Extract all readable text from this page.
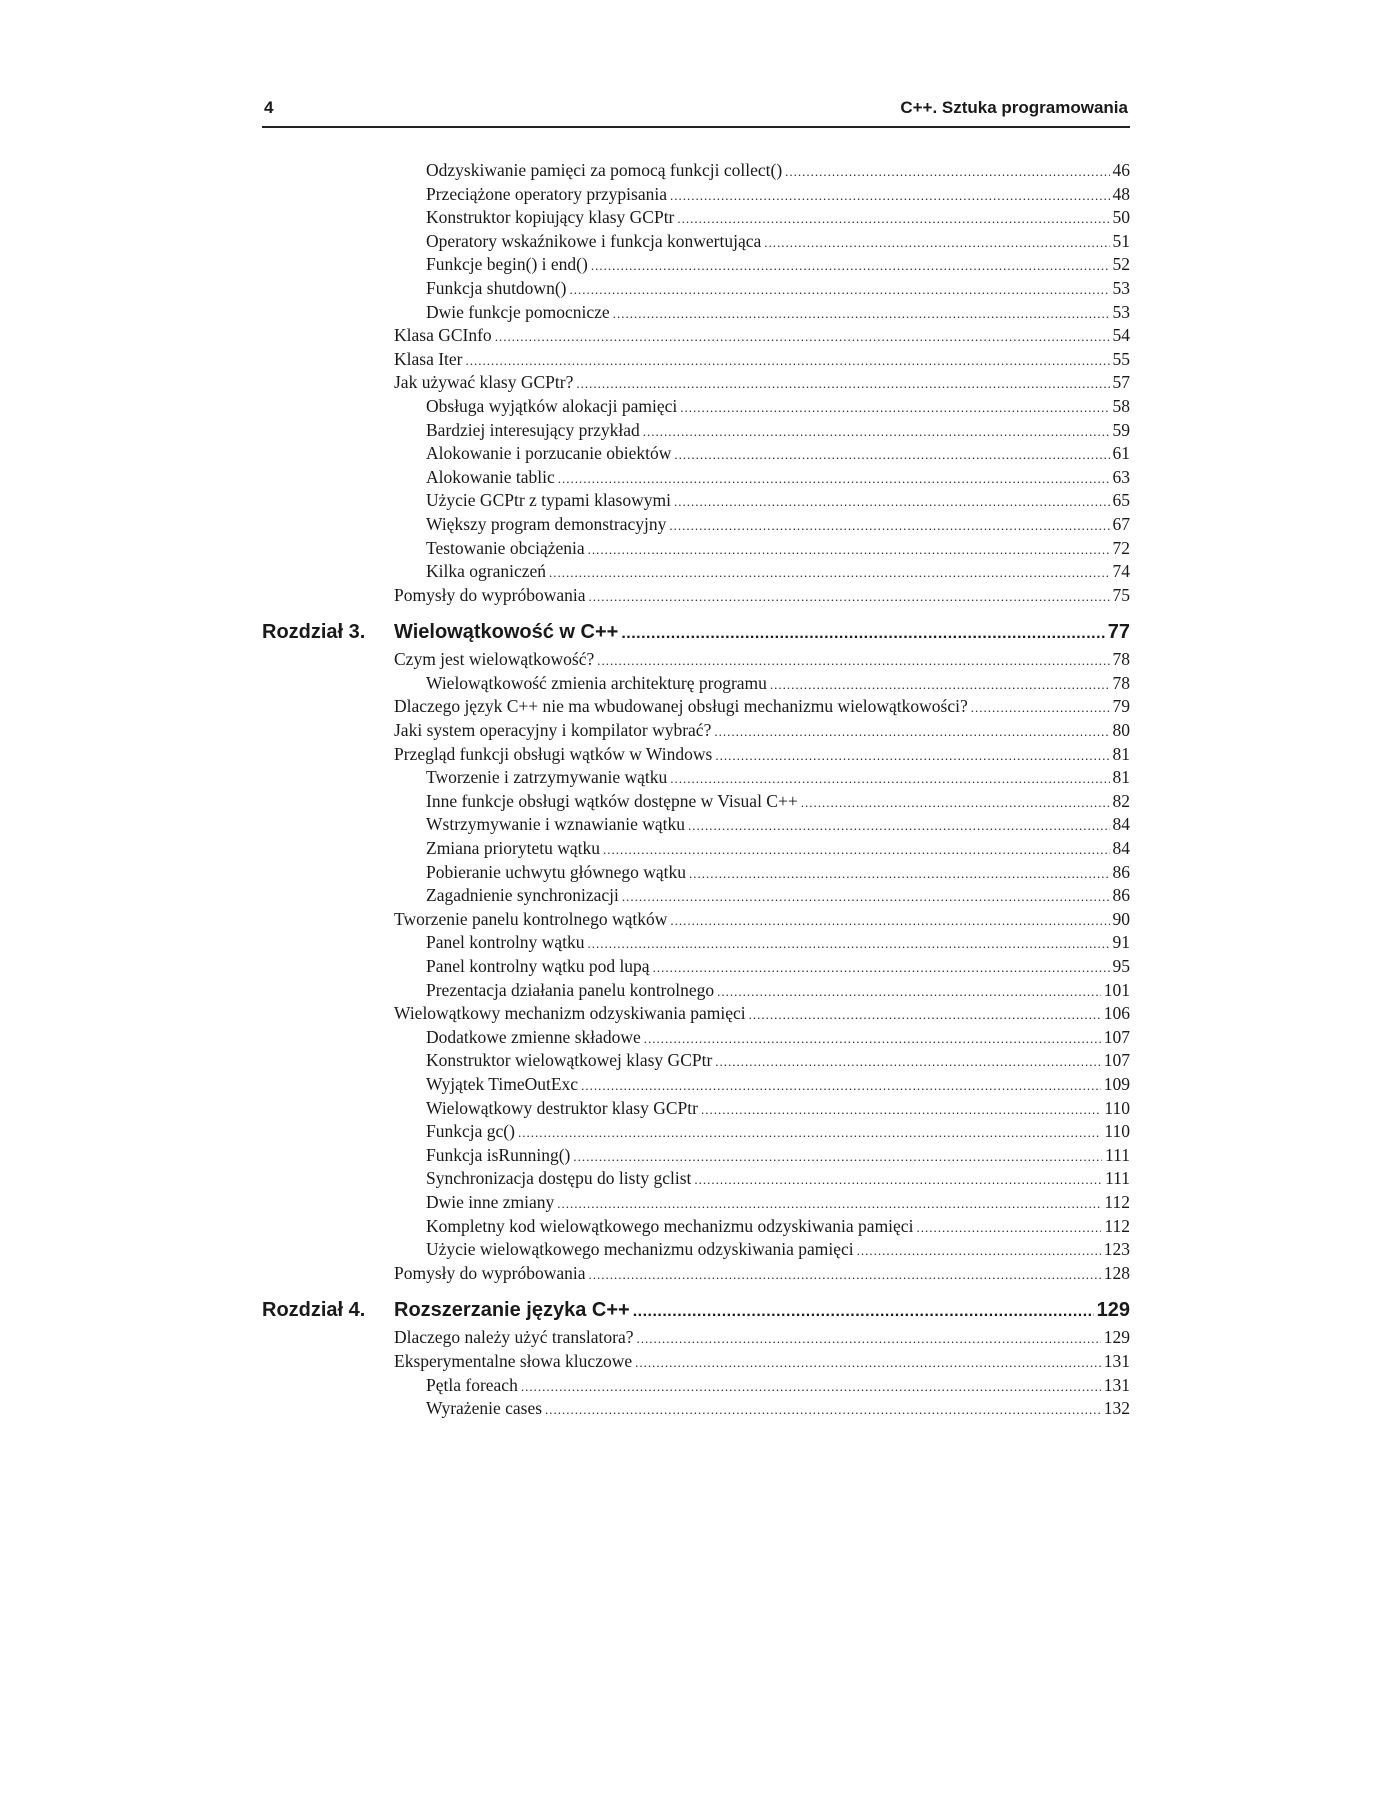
4	C++. Sztuka programowania
Odzyskiwanie pamięci za pomocą funkcji collect() .....	46
Przeciążone operatory przypisania .....	48
Konstruktor kopiujący klasy GCPtr .....	50
Operatory wskaźnikowe i funkcja konwertująca .....	51
Funkcje begin() i end() .....	52
Funkcja shutdown() .....	53
Dwie funkcje pomocnicze .....	53
Klasa GCInfo .....	54
Klasa Iter .....	55
Jak używać klasy GCPtr? .....	57
Obsługa wyjątków alokacji pamięci .....	58
Bardziej interesujący przykład .....	59
Alokowanie i porzucanie obiektów .....	61
Alokowanie tablic .....	63
Użycie GCPtr z typami klasowymi .....	65
Większy program demonstracyjny .....	67
Testowanie obciążenia .....	72
Kilka ograniczeń .....	74
Pomysły do wypróbowania .....	75
Rozdział 3.	Wielowątkowość w C++ .....	77
Czym jest wielowątkowość? .....	78
Wielowątkowość zmienia architekturę programu .....	78
Dlaczego język C++ nie ma wbudowanej obsługi mechanizmu wielowątkowości? .....	79
Jaki system operacyjny i kompilator wybrać? .....	80
Przegląd funkcji obsługi wątków w Windows .....	81
Tworzenie i zatrzymywanie wątku .....	81
Inne funkcje obsługi wątków dostępne w Visual C++ .....	82
Wstrzymywanie i wznawianie wątku .....	84
Zmiana priorytetu wątku .....	84
Pobieranie uchwytu głównego wątku .....	86
Zagadnienie synchronizacji .....	86
Tworzenie panelu kontrolnego wątków .....	90
Panel kontrolny wątku .....	91
Panel kontrolny wątku pod lupą .....	95
Prezentacja działania panelu kontrolnego .....	101
Wielowątkowy mechanizm odzyskiwania pamięci .....	106
Dodatkowe zmienne składowe .....	107
Konstruktor wielowątkowej klasy GCPtr .....	107
Wyjątek TimeOutExc .....	109
Wielowątkowy destruktor klasy GCPtr .....	110
Funkcja gc() .....	110
Funkcja isRunning() .....	111
Synchronizacja dostępu do listy gclist .....	111
Dwie inne zmiany .....	112
Kompletny kod wielowątkowego mechanizmu odzyskiwania pamięci .....	112
Użycie wielowątkowego mechanizmu odzyskiwania pamięci .....	123
Pomysły do wypróbowania .....	128
Rozdział 4.	Rozszerzanie języka C++ .....	129
Dlaczego należy użyć translatora? .....	129
Eksperymentalne słowa kluczowe .....	131
Pętla foreach .....	131
Wyrażenie cases .....	132
